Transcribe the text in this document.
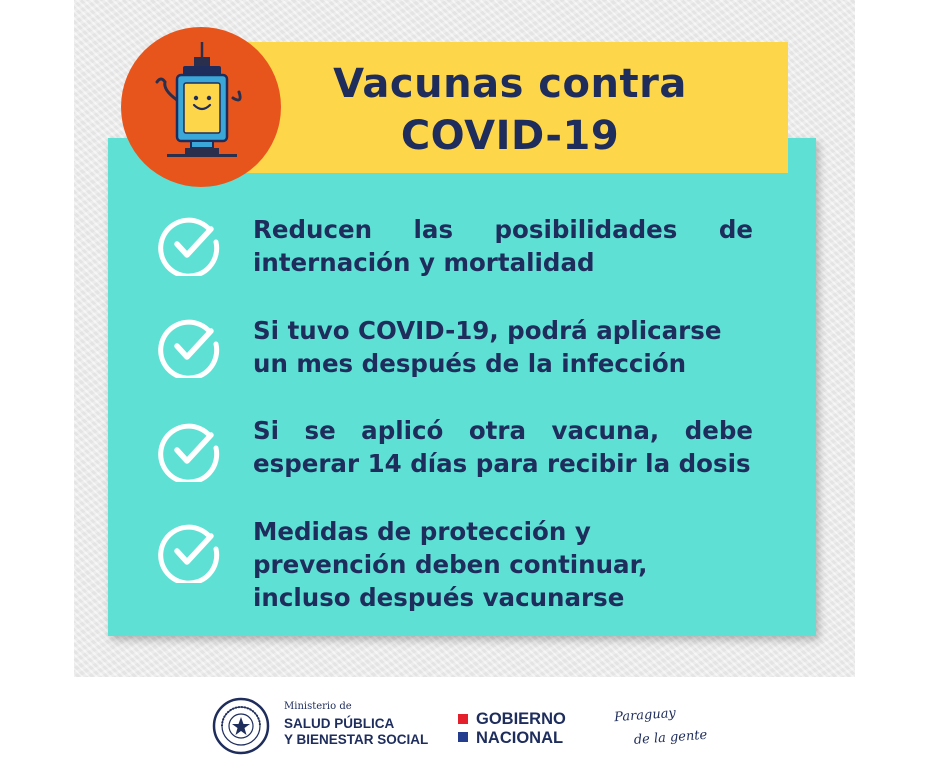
Vacunas contra
COVID-19
Reducen las posibilidades de
internación y mortalidad
Si tuvo COVID-19, podrá aplicarse
un mes después de la infección
Si se aplicó otra vacuna, debe
esperar 14 días para recibir la dosis
Medidas de protección y
prevención deben continuar,
incluso después vacunarse
Ministerio de
SALUD PÚBLICA
Y BIENESTAR SOCIAL
GOBIERNO
NACIONAL
Paraguay
de la gente
